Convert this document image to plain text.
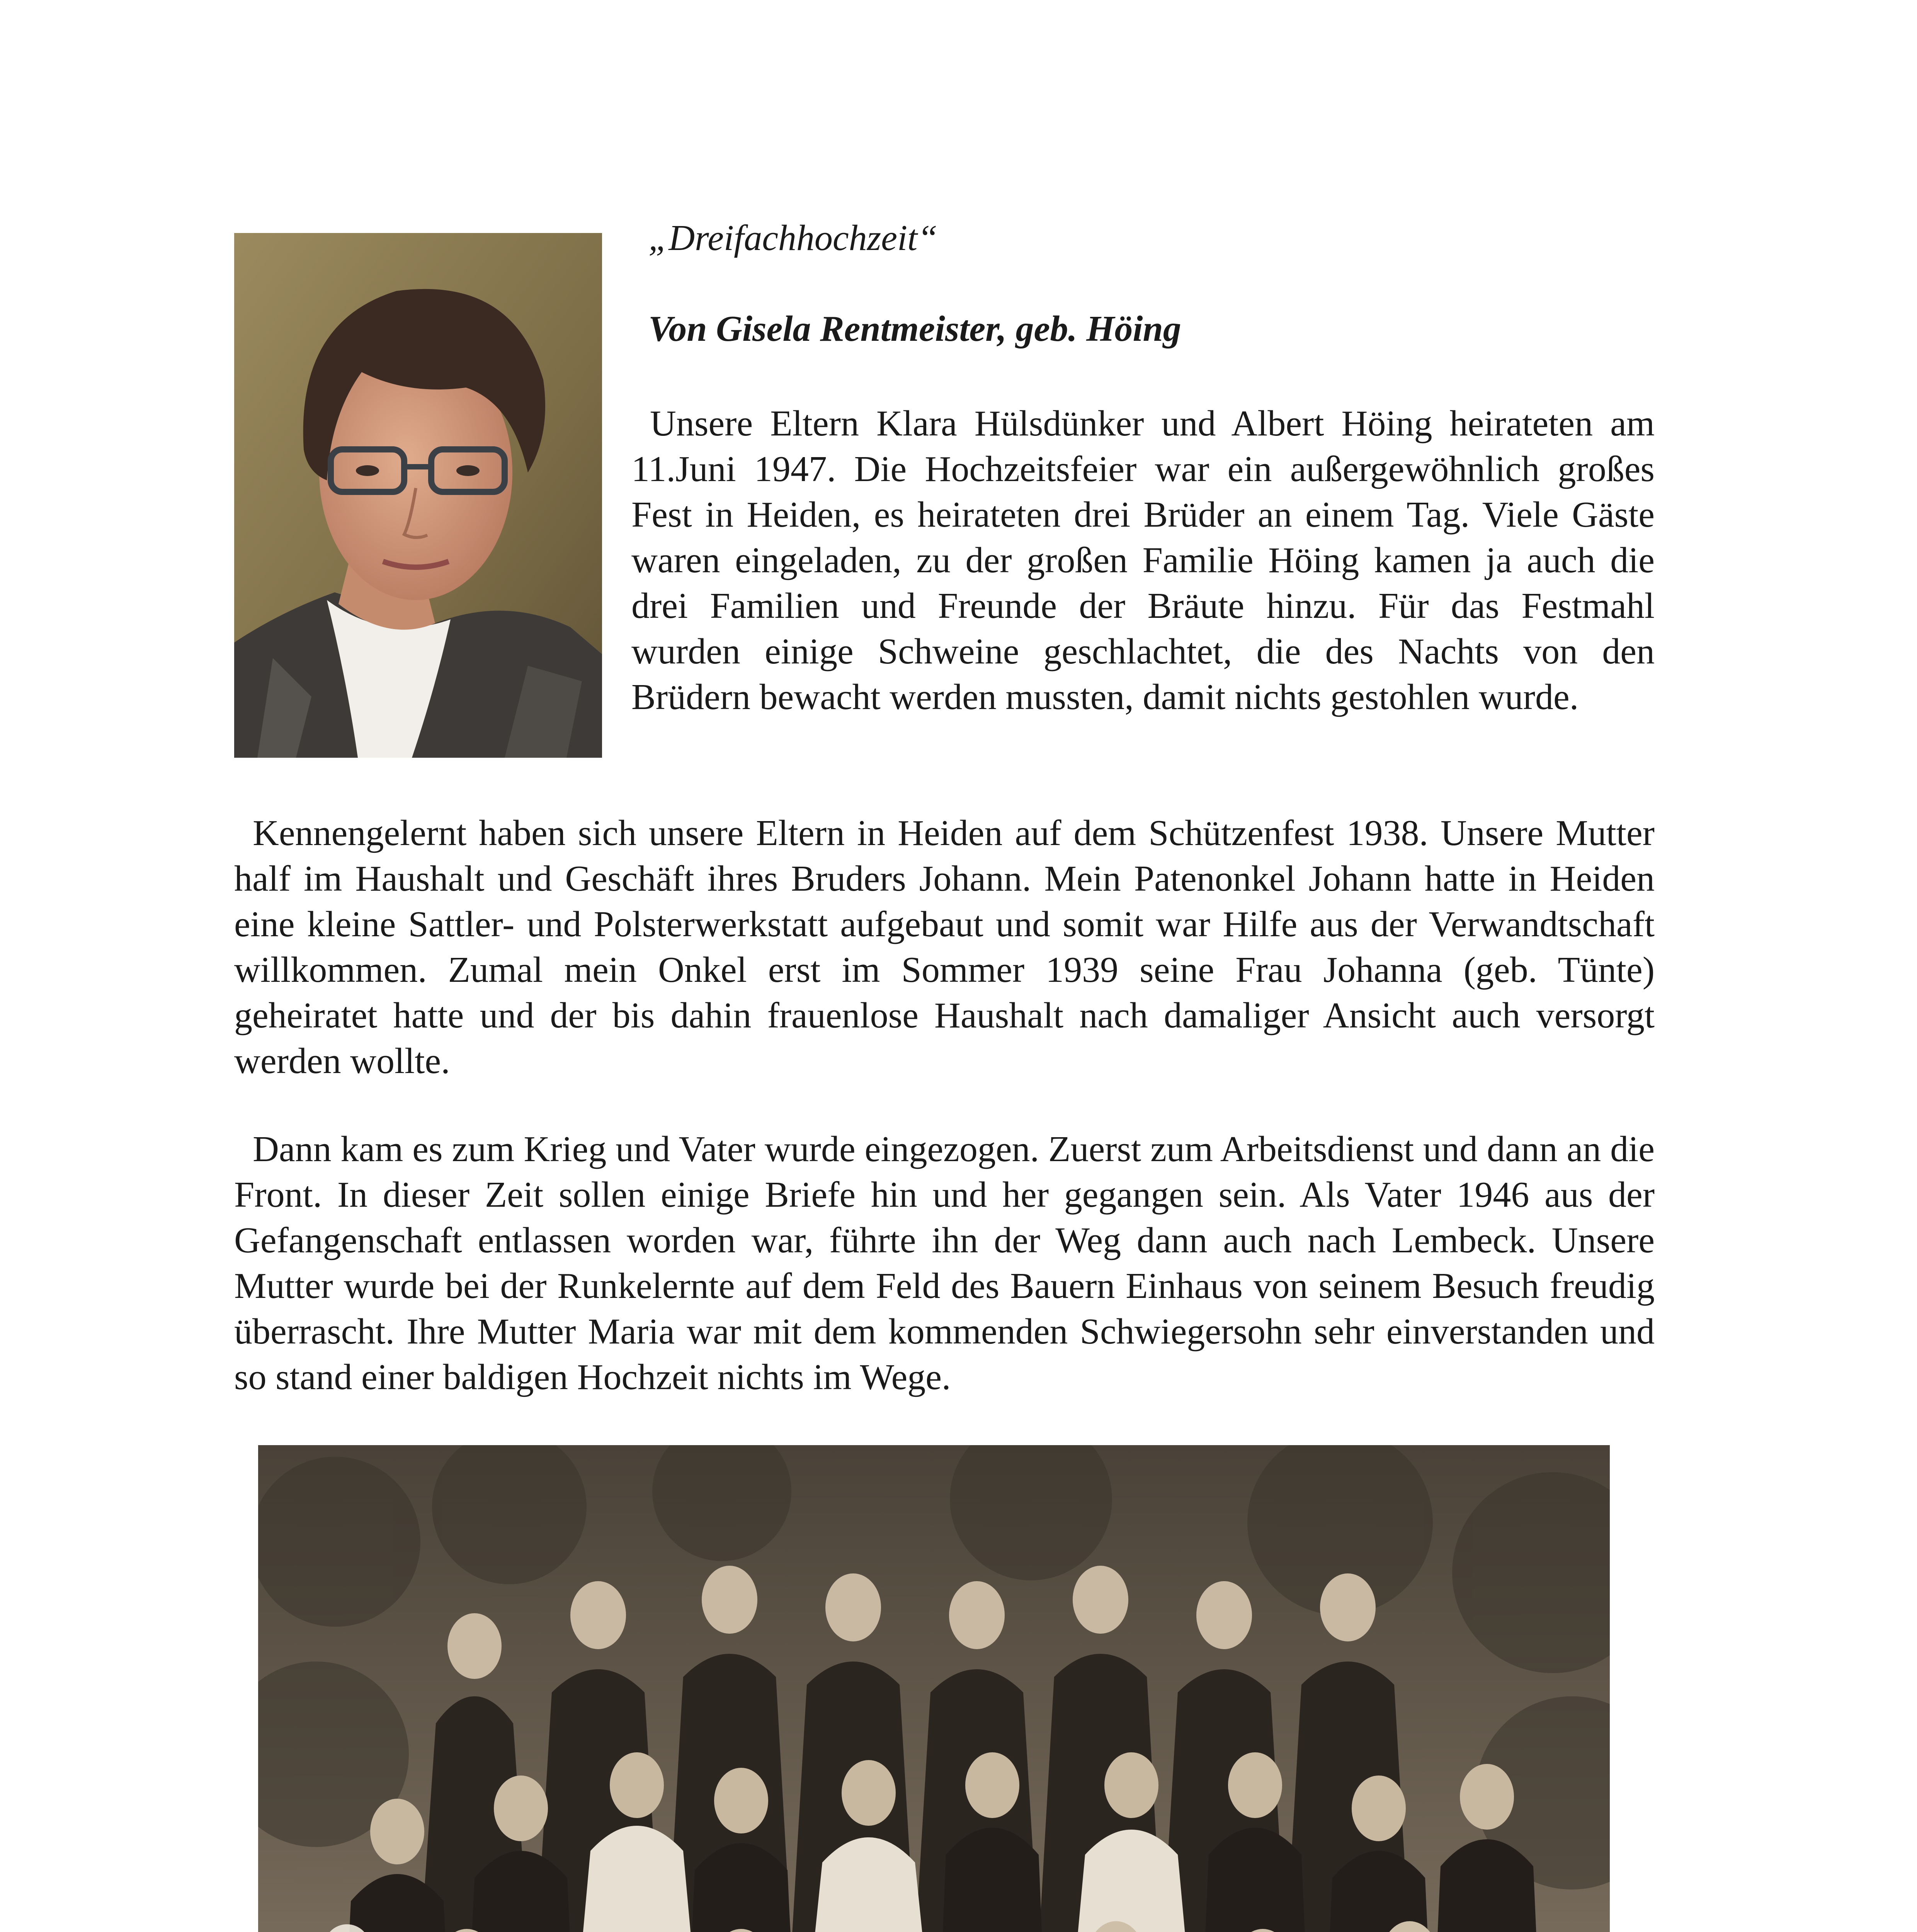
„Dreifachhochzeit“
Von Gisela Rentmeister, geb. Höing

Unsere Eltern Klara Hülsdünker und Albert Höing heirateten am 11.Juni 1947. Die Hochzeitsfeier war ein außergewöhnlich großes Fest in Heiden, es heirateten drei Brüder an einem Tag. Viele Gäste waren eingeladen, zu der großen Familie Höing kamen ja auch die drei Familien und Freunde der Bräute hinzu. Für das Festmahl wurden einige Schweine geschlachtet, die des Nachts von den Brüdern bewacht werden mussten, damit nichts gestohlen wurde.

Kennengelernt haben sich unsere Eltern in Heiden auf dem Schützenfest 1938. Unsere Mutter half im Haushalt und Geschäft ihres Bruders Johann. Mein Patenonkel Johann hatte in Heiden eine kleine Sattler- und Polsterwerkstatt aufgebaut und somit war Hilfe aus der Verwandtschaft willkommen. Zumal mein Onkel erst im Sommer 1939 seine Frau Johanna (geb. Tünte) geheiratet hatte und der bis dahin frauenlose Haushalt nach damaliger Ansicht auch versorgt werden wollte.

Dann kam es zum Krieg und Vater wurde eingezogen. Zuerst zum Arbeitsdienst und dann an die Front. In dieser Zeit sollen einige Briefe hin und her gegangen sein. Als Vater 1946 aus der Gefangenschaft entlassen worden war, führte ihn der Weg dann auch nach Lembeck. Unsere Mutter wurde bei der Runkelernte auf dem Feld des Bauern Einhaus von seinem Besuch freudig überrascht. Ihre Mutter Maria war mit dem kommenden Schwiegersohn sehr einverstanden und so stand einer baldigen Hochzeit nichts im Wege.
